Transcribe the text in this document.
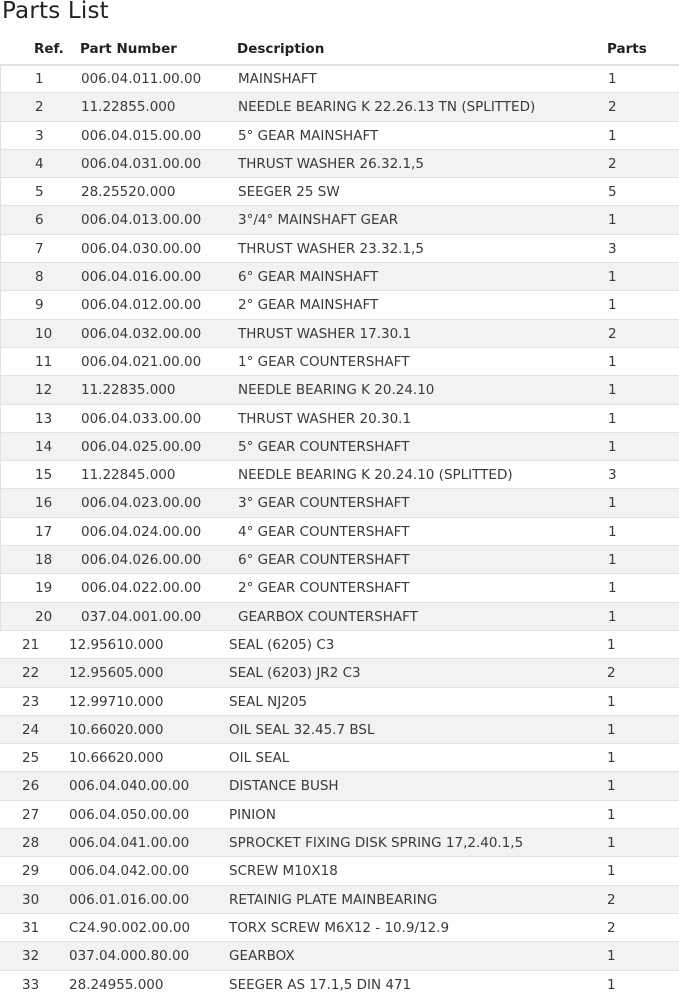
Parts List
Ref. Part Number	Description	Parts
1	006.04.011.00.00	MAINSHAFT	1
2	11.22855.000	NEEDLE BEARING K 22.26.13 TN (SPLITTED)	2
3	006.04.015.00.00	5° GEAR MAINSHAFT	1
4	006.04.031.00.00	THRUST WASHER 26.32.1,5	2
5	28.25520.000	SEEGER 25 SW	5
6	006.04.013.00.00	3°/4° MAINSHAFT GEAR	1
7	006.04.030.00.00	THRUST WASHER 23.32.1,5	3
8	006.04.016.00.00	6° GEAR MAINSHAFT	1
9	006.04.012.00.00	2° GEAR MAINSHAFT	1
10 006.04.032.00.00	THRUST WASHER 17.30.1	2
11 006.04.021.00.00	1° GEAR COUNTERSHAFT	1
12 11.22835.000	NEEDLE BEARING K 20.24.10	1
13 006.04.033.00.00	THRUST WASHER 20.30.1	1
14 006.04.025.00.00	5° GEAR COUNTERSHAFT	1
15 11.22845.000	NEEDLE BEARING K 20.24.10 (SPLITTED)	3
16 006.04.023.00.00	3° GEAR COUNTERSHAFT	1
17 006.04.024.00.00	4° GEAR COUNTERSHAFT	1
18 006.04.026.00.00	6° GEAR COUNTERSHAFT	1
19 006.04.022.00.00	2° GEAR COUNTERSHAFT	1
20 037.04.001.00.00	GEARBOX COUNTERSHAFT	1
21 12.95610.000	SEAL (6205) C3	1
22 12.95605.000	SEAL (6203) JR2 C3	2
23 12.99710.000	SEAL NJ205	1
24 10.66020.000	OIL SEAL 32.45.7 BSL	1
25 10.66620.000	OIL SEAL	1
26 006.04.040.00.00	DISTANCE BUSH	1
27 006.04.050.00.00	PINION	1
28 006.04.041.00.00	SPROCKET FIXING DISK SPRING 17,2.40.1,5	1
29 006.04.042.00.00	SCREW M10X18	1
30 006.01.016.00.00	RETAINIG PLATE MAINBEARING	2
31 C24.90.002.00.00	TORX SCREW M6X12 - 10.9/12.9	2
32 037.04.000.80.00	GEARBOX	1
33 28.24955.000	SEEGER AS 17.1,5 DIN 471	1
